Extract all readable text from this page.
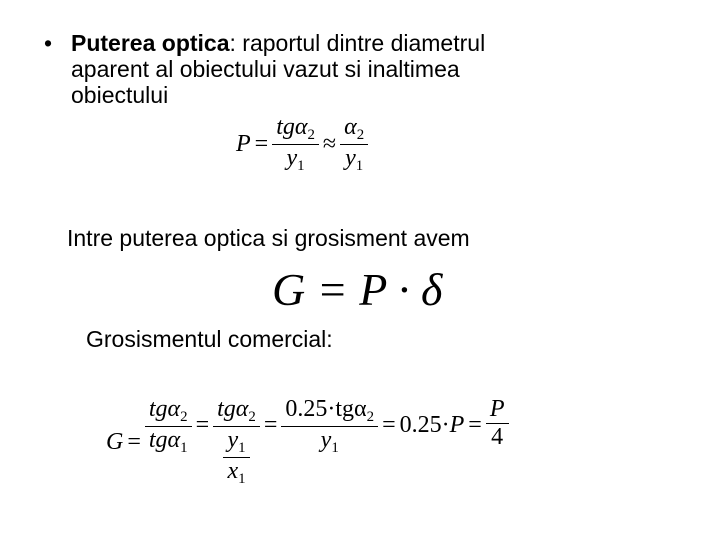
• Puterea optica: raportul dintre diametrul
aparent al obiectului vazut si inaltimea
obiectului
$P = \frac{tg\alpha_2}{y_1} \approx \frac{\alpha_2}{y_1}$
Intre puterea optica si grosisment avem
G = P · δ
Grosismentul comercial:
$G = \frac{tg\alpha_2}{tg\alpha_1} = \frac{tg\alpha_2}{\frac{y_1}{x_1}} = \frac{0.25\cdot tg\alpha_2}{y_1} = 0.25\cdot P = \frac{P}{4}$
